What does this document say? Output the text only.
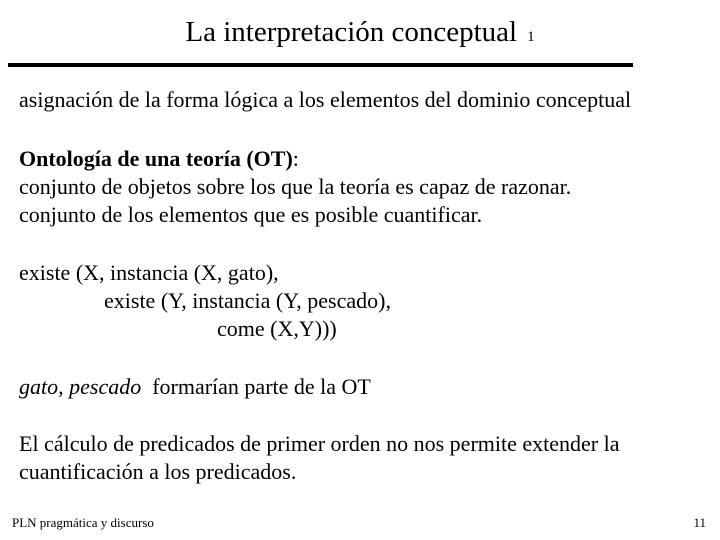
La interpretación conceptual 1
asignación de la forma lógica a los elementos del dominio conceptual
Ontología de una teoría (OT):
conjunto de objetos sobre los que la teoría es capaz de razonar.
conjunto de los elementos que es posible cuantificar.
existe (X, instancia (X, gato),
existe (Y, instancia (Y, pescado),
come (X,Y)))
gato, pescado formarían parte de la OT
El cálculo de predicados de primer orden no nos permite extender la
cuantificación a los predicados.
PLN pragmática y discurso	11
